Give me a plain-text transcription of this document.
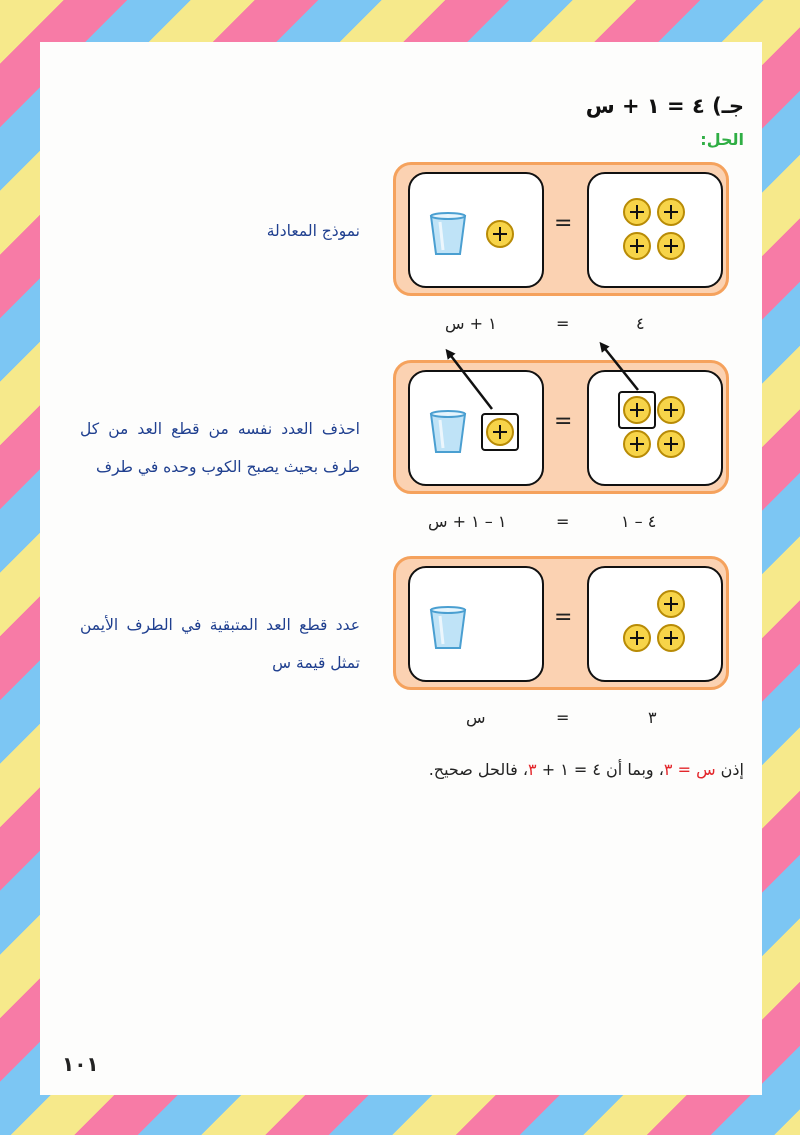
جـ) ٤ = ١ + س
الحل:
نموذج المعادلة	=
٤
=
١ + س
احذف العدد نفسه من قطع العد من كل طرف بحيث يصبح الكوب وحده في طرف
=
٤ – ١
=
١ – ١ + س
عدد قطع العد المتبقية في الطرف الأيمن تمثل قيمة س
=
٣
=
س
إذن س = ٣، وبما أن ٤ = ١ + ٣، فالحل صحيح.
١٠١
